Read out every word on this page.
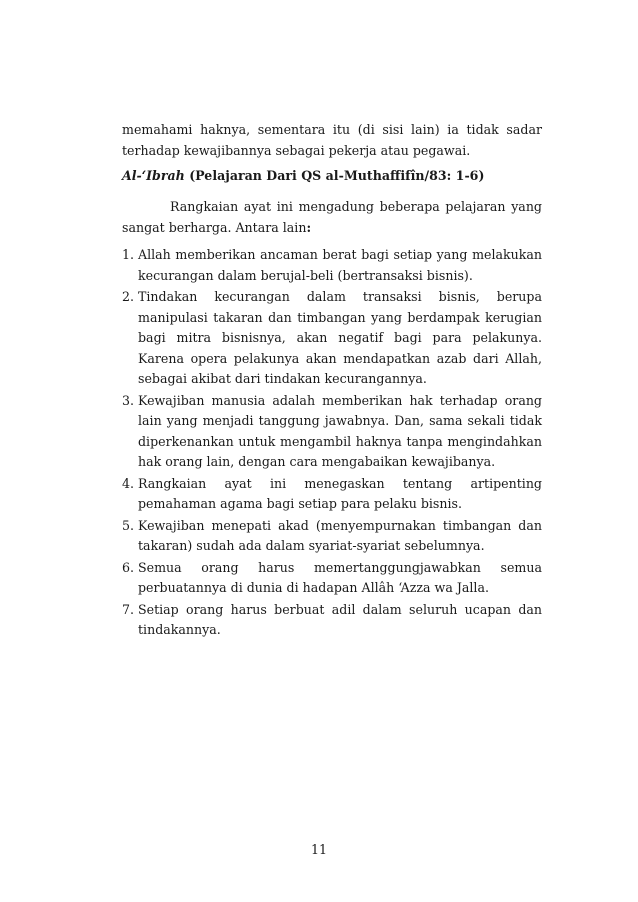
memahami haknya, sementara itu (di sisi lain) ia tidak sadar terhadap kewajibannya sebagai pekerja atau pegawai.

Al-‘Ibrah (Pelajaran Dari QS al-Muthaffifîn/83: 1-6)

Rangkaian ayat ini mengadung beberapa pelajaran yang sangat berharga. Antara lain:

1. Allah memberikan ancaman berat bagi setiap yang melakukan kecurangan dalam berujal-beli (bertransaksi bisnis).
2. Tindakan kecurangan dalam transaksi bisnis, berupa manipulasi takaran dan timbangan yang berdampak kerugian bagi mitra bisnisnya, akan negatif bagi para pelakunya. Karena opera pelakunya akan mendapatkan azab dari Allah, sebagai akibat dari tindakan kecurangannya.
3. Kewajiban manusia adalah memberikan hak terhadap orang lain yang menjadi tanggung jawabnya. Dan, sama sekali tidak diperkenankan untuk mengambil haknya tanpa mengindahkan hak orang lain, dengan cara mengabaikan kewajibanya.
4. Rangkaian ayat ini menegaskan tentang artipenting pemahaman agama bagi setiap para pelaku bisnis.
5. Kewajiban menepati akad (menyempurnakan timbangan dan takaran) sudah ada dalam syariat-syariat sebelumnya.
6. Semua orang harus memertanggungjawabkan semua perbuatannya di dunia di hadapan Allâh ‘Azza wa Jalla.
7. Setiap orang harus berbuat adil dalam seluruh ucapan dan tindakannya.
11
